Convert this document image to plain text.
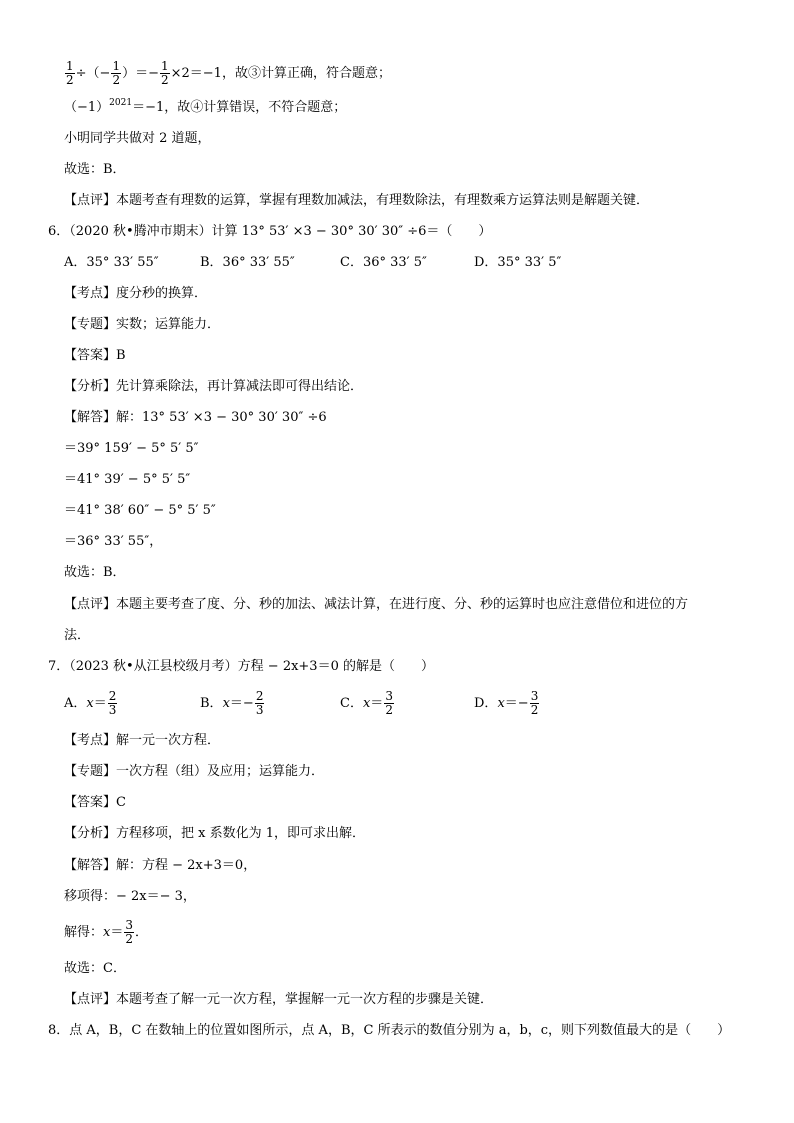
$\frac{1}{2}$ ÷（− $\frac{1}{2}$ ）＝− $\frac{1}{2} \times 2=-1$，故③计算正确，符合题意；
$(-1)^{2021}=-1$，故④计算错误，不符合题意；
小明同学共做对 2 道题，
故选：B．
【点评】本题考查有理数的运算，掌握有理数加减法，有理数除法，有理数乘方运算法则是解题关键．
6．（2020 秋•腾冲市期末）计算 13° 53′ ×3 − 30° 30′ 30″ ÷6＝（　　）
A．35° 33′ 55″	B．36° 33′ 55″	C．36° 33′ 5″	D．35° 33′ 5″
【考点】度分秒的换算．
【专题】实数；运算能力．
【答案】B
【分析】先计算乘除法，再计算减法即可得出结论．
【解答】解：13° 53′ ×3 − 30° 30′ 30″ ÷6
＝39° 159′ − 5° 5′ 5″
＝41° 39′ − 5° 5′ 5″
＝41° 38′ 60″ − 5° 5′ 5″
＝36° 33′ 55″，
故选：B．
【点评】本题主要考查了度、分、秒的加法、减法计算，在进行度、分、秒的运算时也应注意借位和进位的方
法．
7．（2023 秋•从江县校级月考）方程 − 2x+3＝0 的解是（　　）
A．$x= \frac{2}{3}$	B．$x=- \frac{2}{3}$	C．$x= \frac{3}{2}$	D．$x=- \frac{3}{2}$
【考点】解一元一次方程．
【专题】一次方程（组）及应用；运算能力．
【答案】C
【分析】方程移项，把 x 系数化为 1，即可求出解．
【解答】解：方程 − 2x+3＝0，
移项得：− 2x＝− 3，
解得：$x= \frac{3}{2}$ ．
故选：C．
【点评】本题考查了解一元一次方程，掌握解一元一次方程的步骤是关键．
8．点 A，B，C 在数轴上的位置如图所示，点 A，B，C 所表示的数值分别为 a，b，c，则下列数值最大的是（　　）
